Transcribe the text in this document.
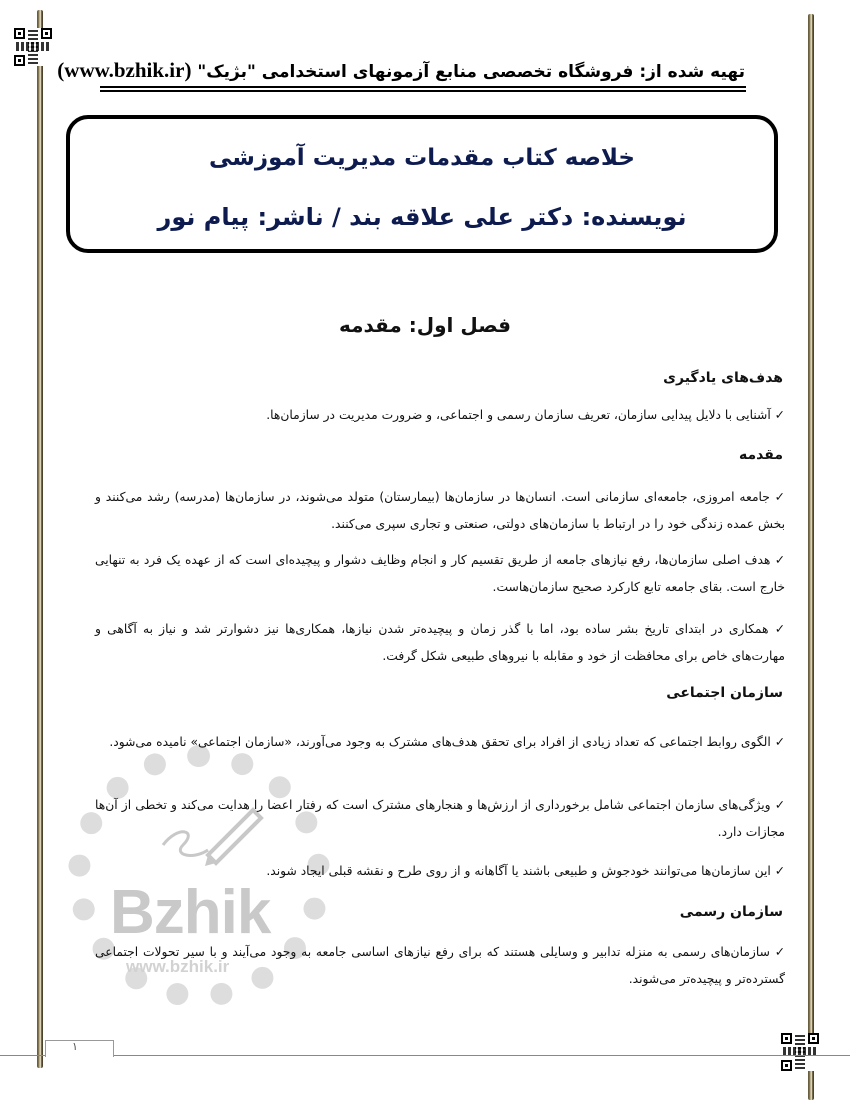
تهیه شده از: فروشگاه تخصصی منابع آزمونهای استخدامی "بژیک" (www.bzhik.ir)
خلاصه کتاب مقدمات مدیریت آموزشی
نویسنده: دکتر علی علاقه بند / ناشر: پیام نور
فصل اول: مقدمه
Bzhik
www.bzhik.ir
هدف‌های یادگیری
✓ آشنایی با دلایل پیدایی سازمان، تعریف سازمان رسمی و اجتماعی، و ضرورت مدیریت در سازمان‌ها.
مقدمه
✓ جامعه امروزی، جامعه‌ای سازمانی است. انسان‌ها در سازمان‌ها (بیمارستان) متولد می‌شوند، در سازمان‌ها (مدرسه) رشد می‌کنند و بخش عمده زندگی خود را در ارتباط با سازمان‌های دولتی، صنعتی و تجاری سپری می‌کنند.
✓ هدف اصلی سازمان‌ها، رفع نیازهای جامعه از طریق تقسیم کار و انجام وظایف دشوار و پیچیده‌ای است که از عهده یک فرد به تنهایی خارج است. بقای جامعه تابع کارکرد صحیح سازمان‌هاست.
✓ همکاری در ابتدای تاریخ بشر ساده بود، اما با گذر زمان و پیچیده‌تر شدن نیازها، همکاری‌ها نیز دشوارتر شد و نیاز به آگاهی و مهارت‌های خاص برای محافظت از خود و مقابله با نیروهای طبیعی شکل گرفت.
سازمان اجتماعی
✓ الگوی روابط اجتماعی که تعداد زیادی از افراد برای تحقق هدف‌های مشترک به وجود می‌آورند، «سازمان اجتماعی» نامیده می‌شود.
✓ ویژگی‌های سازمان اجتماعی شامل برخورداری از ارزش‌ها و هنجارهای مشترک است که رفتار اعضا را هدایت می‌کند و تخطی از آن‌ها مجازات دارد.
✓ این سازمان‌ها می‌توانند خودجوش و طبیعی باشند یا آگاهانه و از روی طرح و نقشه قبلی ایجاد شوند.
سازمان رسمی
✓ سازمان‌های رسمی به منزله تدابیر و وسایلی هستند که برای رفع نیازهای اساسی جامعه به وجود می‌آیند و با سیر تحولات اجتماعی گسترده‌تر و پیچیده‌تر می‌شوند.
۱
